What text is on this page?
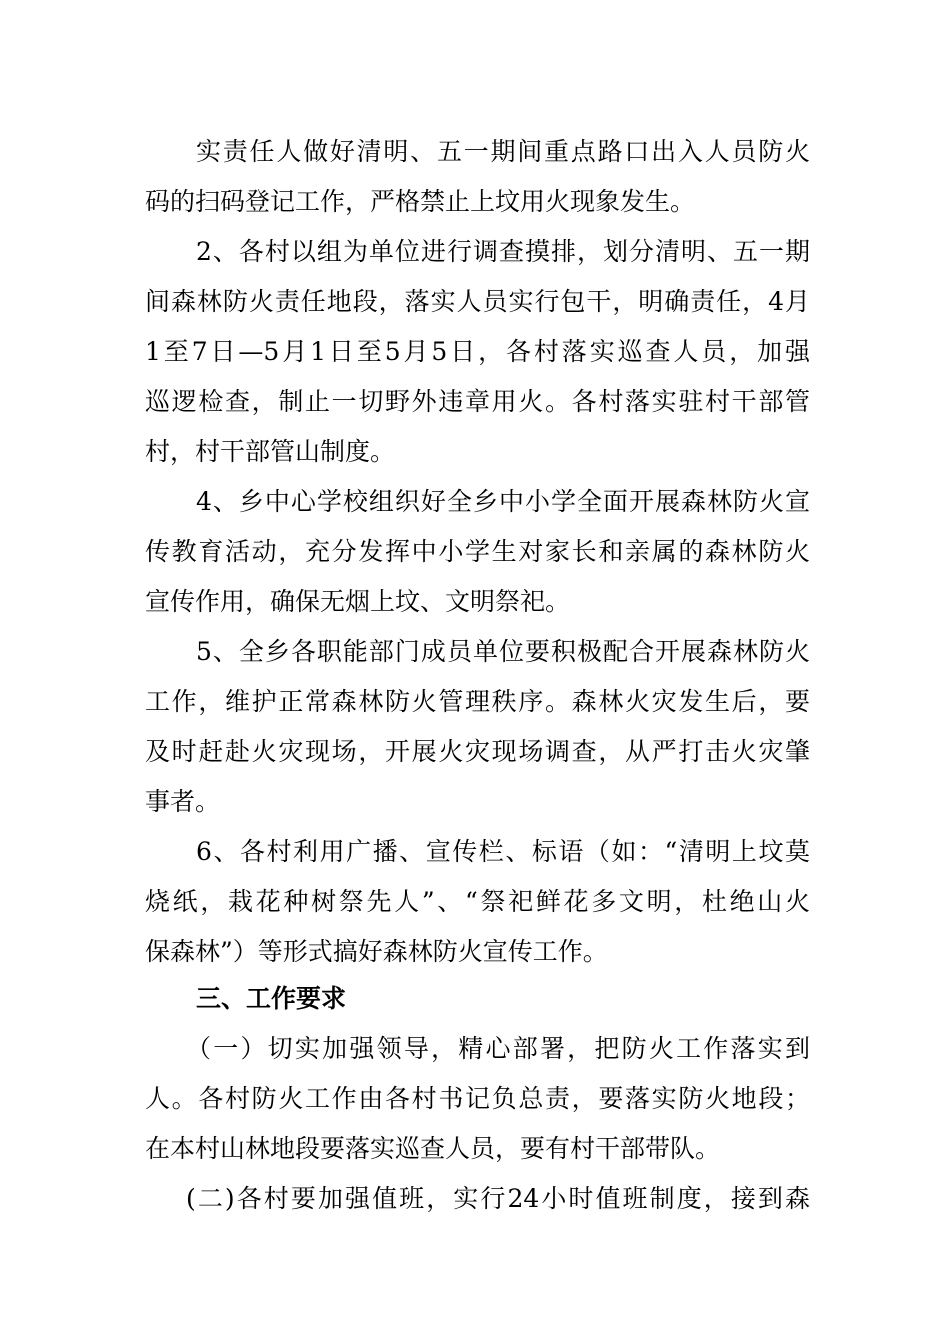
实责任人做好清明、五一期间重点路口出入人员防火
码的扫码登记工作，严格禁止上坟用火现象发生。
2、各村以组为单位进行调查摸排，划分清明、五一期
间森林防火责任地段，落实人员实行包干，明确责任，4月
1至7日—5月1日至5月5日，各村落实巡查人员，加强
巡逻检查，制止一切野外违章用火。各村落实驻村干部管
村，村干部管山制度。
4、乡中心学校组织好全乡中小学全面开展森林防火宣
传教育活动，充分发挥中小学生对家长和亲属的森林防火
宣传作用，确保无烟上坟、文明祭祀。
5、全乡各职能部门成员单位要积极配合开展森林防火
工作，维护正常森林防火管理秩序。森林火灾发生后，要
及时赶赴火灾现场，开展火灾现场调查，从严打击火灾肇
事者。
6、各村利用广播、宣传栏、标语（如：“清明上坟莫
烧纸，栽花种树祭先人”、“祭祀鲜花多文明，杜绝山火
保森林”）等形式搞好森林防火宣传工作。
三、工作要求
（一）切实加强领导，精心部署，把防火工作落实到
人。各村防火工作由各村书记负总责，要落实防火地段；
在本村山林地段要落实巡查人员，要有村干部带队。
(二)各村要加强值班，实行24小时值班制度，接到森
